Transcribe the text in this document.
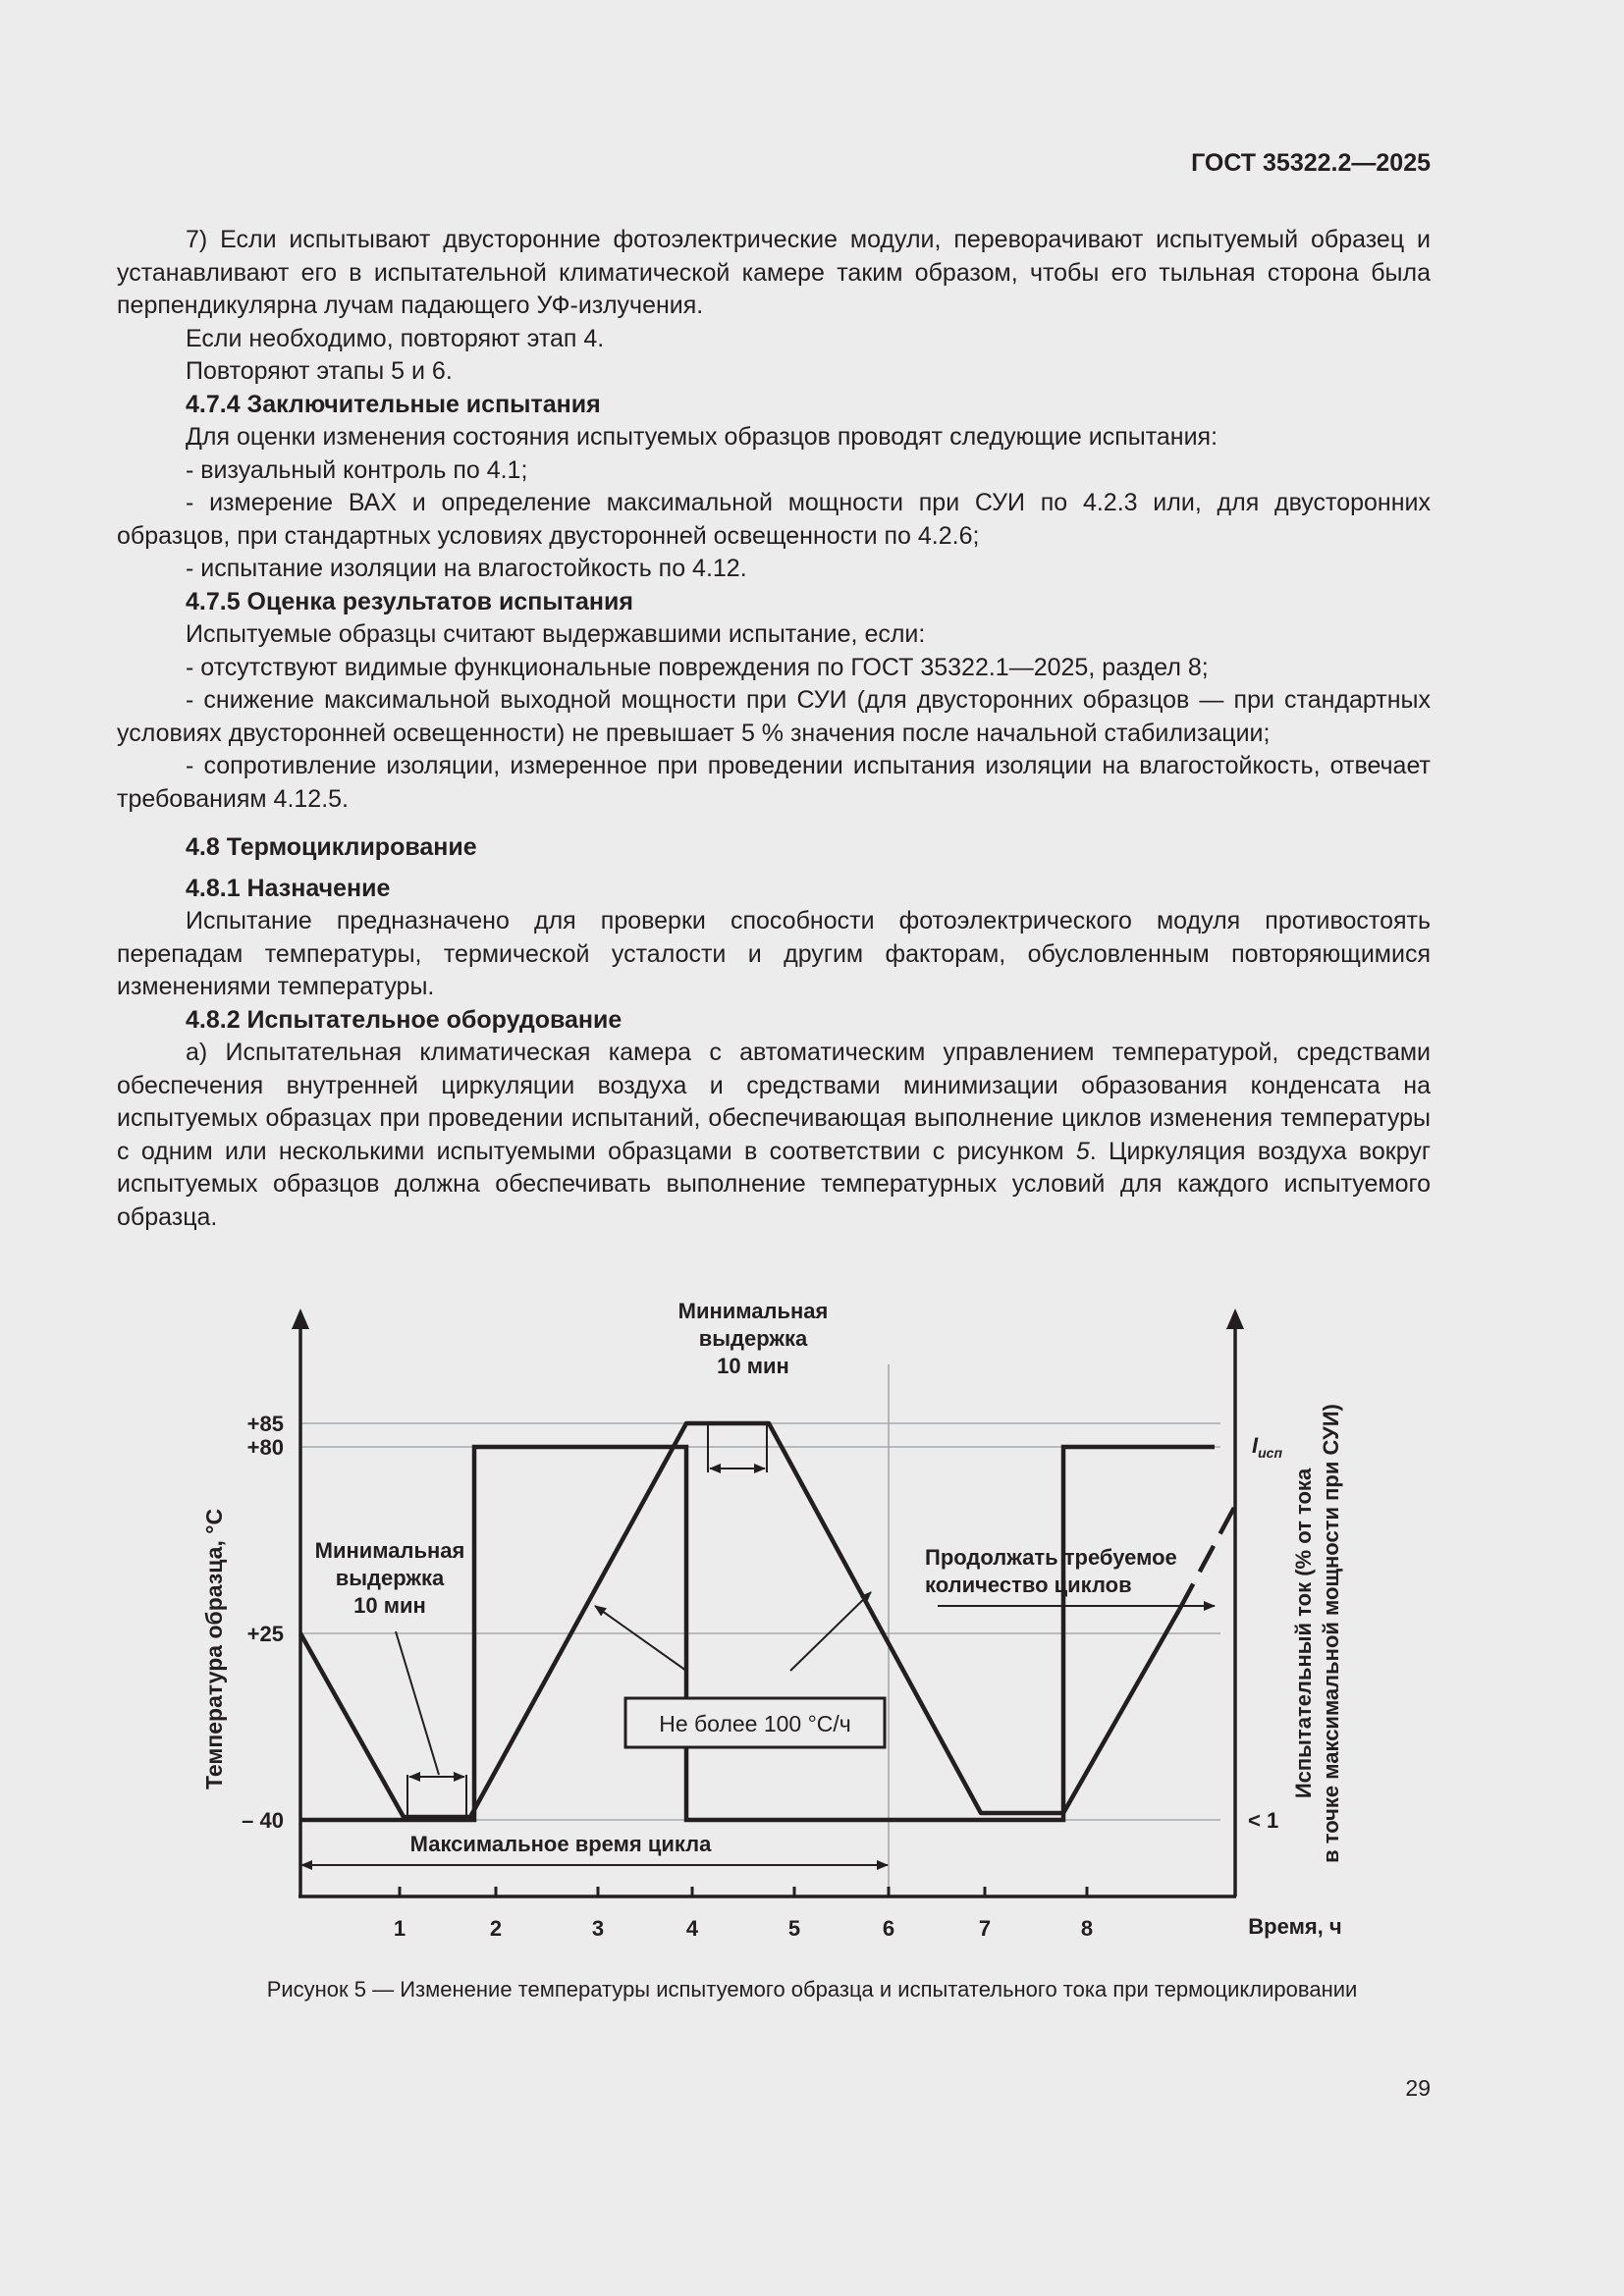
ГОСТ 35322.2—2025

7) Если испытывают двусторонние фотоэлектрические модули, переворачивают испытуемый образец и устанавливают его в испытательной климатической камере таким образом, чтобы его тыльная сторона была перпендикулярна лучам падающего УФ-излучения.

Если необходимо, повторяют этап 4.

Повторяют этапы 5 и 6.

4.7.4 Заключительные испытания

Для оценки изменения состояния испытуемых образцов проводят следующие испытания:

- визуальный контроль по 4.1;

- измерение ВАХ и определение максимальной мощности при СУИ по 4.2.3 или, для двусторонних образцов, при стандартных условиях двусторонней освещенности по 4.2.6;

- испытание изоляции на влагостойкость по 4.12.

4.7.5 Оценка результатов испытания

Испытуемые образцы считают выдержавшими испытание, если:

- отсутствуют видимые функциональные повреждения по ГОСТ 35322.1—2025, раздел 8;

- снижение максимальной выходной мощности при СУИ (для двусторонних образцов — при стандартных условиях двусторонней освещенности) не превышает 5 % значения после начальной стабилизации;

- сопротивление изоляции, измеренное при проведении испытания изоляции на влагостойкость, отвечает требованиям 4.12.5.

4.8 Термоциклирование

4.8.1 Назначение

Испытание предназначено для проверки способности фотоэлектрического модуля противостоять перепадам температуры, термической усталости и другим факторам, обусловленным повторяющимися изменениями температуры.

4.8.2 Испытательное оборудование

а) Испытательная климатическая камера с автоматическим управлением температурой, средствами обеспечения внутренней циркуляции воздуха и средствами минимизации образования конденсата на испытуемых образцах при проведении испытаний, обеспечивающая выполнение циклов изменения температуры с одним или несколькими испытуемыми образцами в соответствии с рисунком 5. Циркуляция воздуха вокруг испытуемых образцов должна обеспечивать выполнение температурных условий для каждого испытуемого образца.

Не более 100 °С/ч
+85
+80
+25
– 40
1	2	3	4	5	6	7	8	Время, ч
Температура образца, °C
$I_{исп}$
< 1
Испытательный ток (% от тока в точке максимальной мощности при СУИ)
Минимальная
выдержка
10 мин
Минимальная
выдержка
10 мин
Продолжать требуемое
количество циклов
Максимальное время цикла
Рисунок 5 — Изменение температуры испытуемого образца и испытательного тока при термоциклировании
29
